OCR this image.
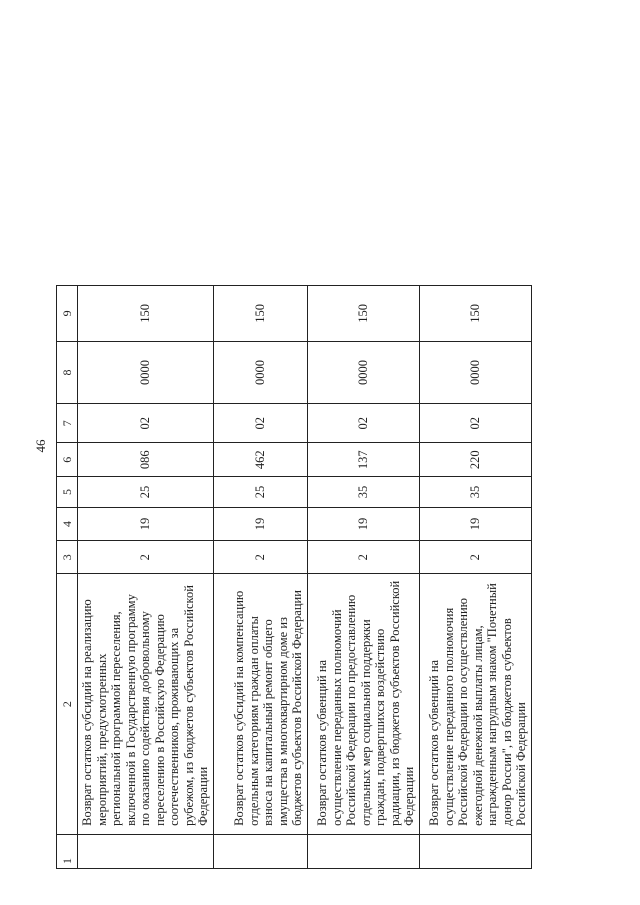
46
1	2	3	4	5	6	7	8	9
	Возврат остатков субсидий на реализацию мероприятий, предусмотренных региональной программой переселения, включенной в Государственную программу по оказанию содействия добровольному переселению в Российскую Федерацию соотечественников, проживающих за рубежом, из бюджетов субъектов Российской Федерации	2	19	25	086	02	0000	150
	Возврат остатков субсидий на компенсацию отдельным категориям граждан оплаты взноса на капитальный ремонт общего имущества в многоквартирном доме из бюджетов субъектов Российской Федерации	2	19	25	462	02	0000	150
	Возврат остатков субвенций на осуществление переданных полномочий Российской Федерации по предоставлению отдельных мер социальной поддержки граждан, подвергшихся воздействию радиации, из бюджетов субъектов Российской Федерации	2	19	35	137	02	0000	150
	Возврат остатков субвенций на осуществление переданного полномочия Российской Федерации по осуществлению ежегодной денежной выплаты лицам, награжденным нагрудным знаком "Почетный донор России", из бюджетов субъектов Российской Федерации	2	19	35	220	02	0000	150
